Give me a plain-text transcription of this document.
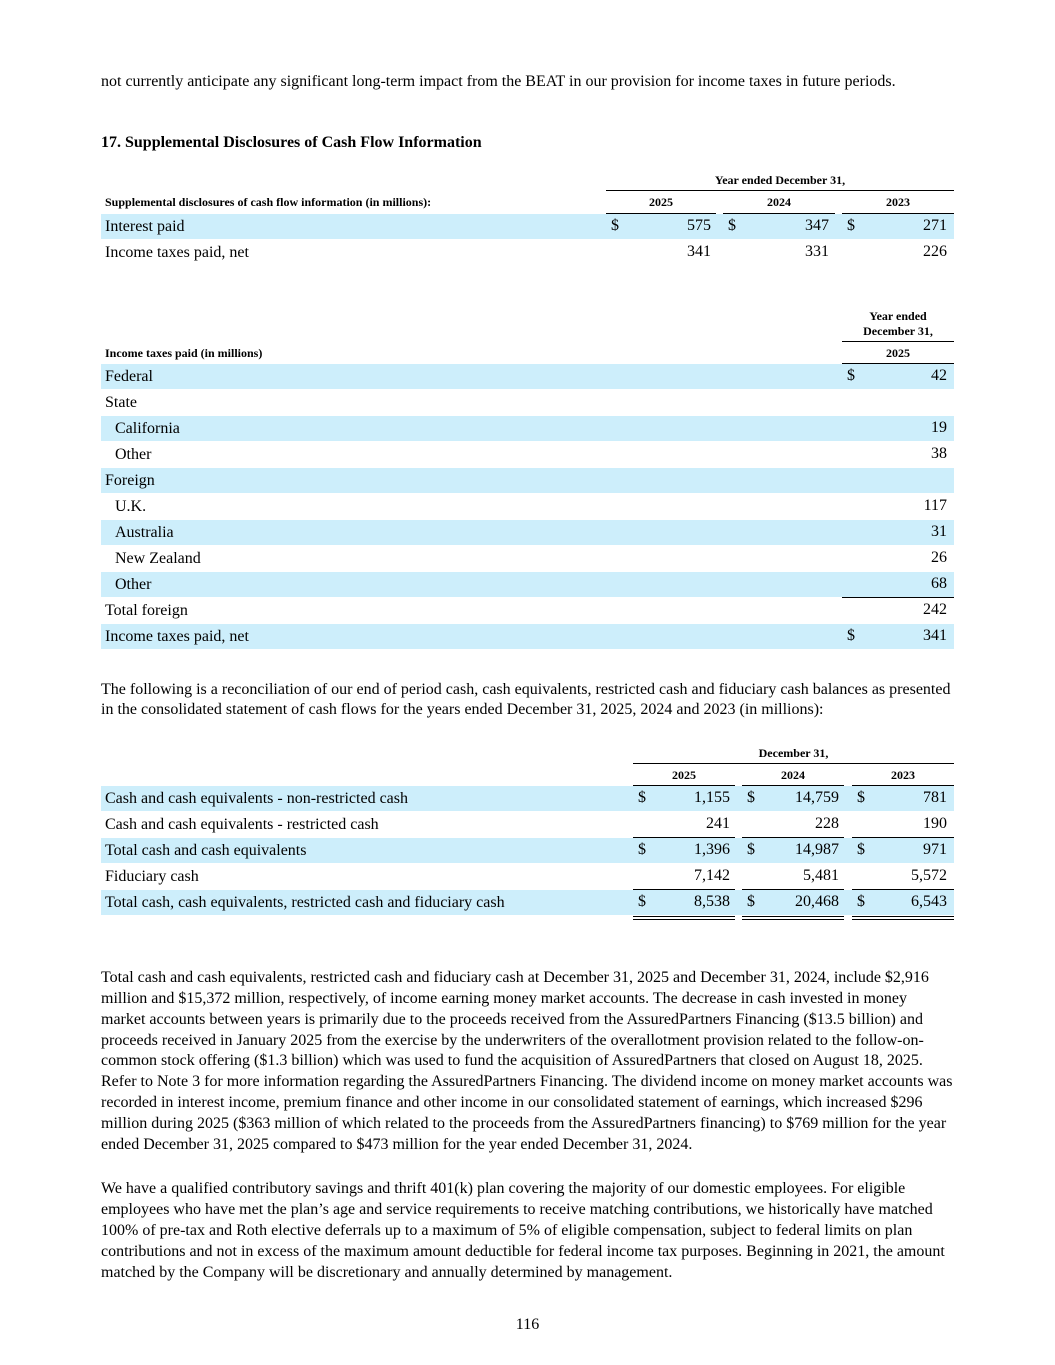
not currently anticipate any significant long-term impact from the BEAT in our provision for income taxes in future periods.

17. Supplemental Disclosures of Cash Flow Information

Year ended December 31,
Supplemental disclosures of cash flow information (in millions):	2025	2024	2023
Interest paid	$	575 $	347 $	271
Income taxes paid, net	341	331	226
Year ended
December 31,
Income taxes paid (in millions)	2025
Federal	$	42
State
California	19
Other	38
Foreign
U.K.	117
Australia	31
New Zealand	26
Other	68
Total foreign	242
Income taxes paid, net	$	341

The following is a reconciliation of our end of period cash, cash equivalents, restricted cash and fiduciary cash balances as presented in the consolidated statement of cash flows for the years ended December 31, 2025, 2024 and 2023 (in millions):

December 31,
2025	2024	2023
Cash and cash equivalents - non-restricted cash	$	1,155 $	14,759 $	781
Cash and cash equivalents - restricted cash	241	228	190
Total cash and cash equivalents	$	1,396 $	14,987 $	971
Fiduciary cash	7,142	5,481	5,572
Total cash, cash equivalents, restricted cash and fiduciary cash	$	8,538 $	20,468 $	6,543

Total cash and cash equivalents, restricted cash and fiduciary cash at December 31, 2025 and December 31, 2024, include $2,916 million and $15,372 million, respectively, of income earning money market accounts. The decrease in cash invested in money market accounts between years is primarily due to the proceeds received from the AssuredPartners Financing ($13.5 billion) and proceeds received in January 2025 from the exercise by the underwriters of the overallotment provision related to the follow-on-common stock offering ($1.3 billion) which was used to fund the acquisition of AssuredPartners that closed on August 18, 2025. Refer to Note 3 for more information regarding the AssuredPartners Financing. The dividend income on money market accounts was recorded in interest income, premium finance and other income in our consolidated statement of earnings, which increased $296 million during 2025 ($363 million of which related to the proceeds from the AssuredPartners financing) to $769 million for the year ended December 31, 2025 compared to $473 million for the year ended December 31, 2024.

We have a qualified contributory savings and thrift 401(k) plan covering the majority of our domestic employees. For eligible employees who have met the plan’s age and service requirements to receive matching contributions, we historically have matched 100% of pre-tax and Roth elective deferrals up to a maximum of 5% of eligible compensation, subject to federal limits on plan contributions and not in excess of the maximum amount deductible for federal income tax purposes. Beginning in 2021, the amount matched by the Company will be discretionary and annually determined by management.

116
